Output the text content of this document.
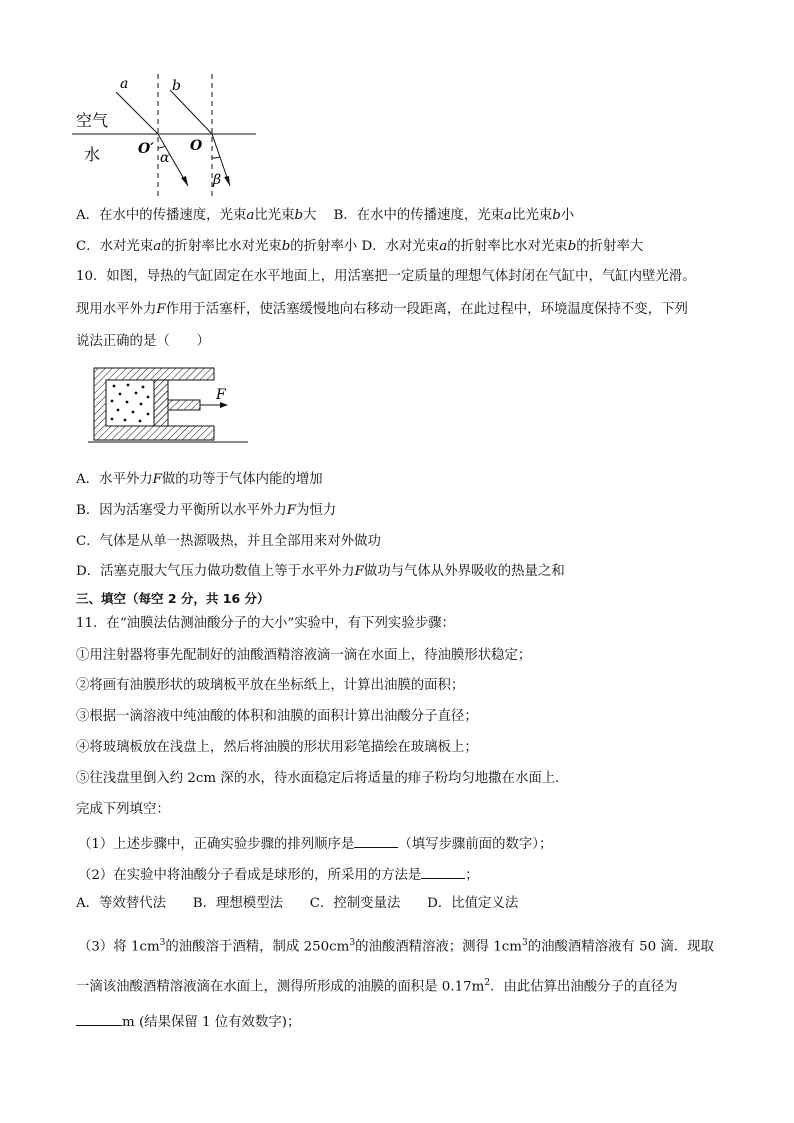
a	b
空气
水	O′	O
α
β
A．在水中的传播速度，光束a比光束b大 B．在水中的传播速度，光束a比光束b小
C．水对光束a的折射率比水对光束b的折射率小 D．水对光束a的折射率比水对光束b的折射率大
10．如图，导热的气缸固定在水平地面上，用活塞把一定质量的理想气体封闭在气缸中，气缸内壁光滑。
现用水平外力F作用于活塞杆，使活塞缓慢地向右移动一段距离，在此过程中，环境温度保持不变，下列
说法正确的是（　　）
F
A．水平外力F做的功等于气体内能的增加
B．因为活塞受力平衡所以水平外力F为恒力
C．气体是从单一热源吸热，并且全部用来对外做功
D．活塞克服大气压力做功数值上等于水平外力F做功与气体从外界吸收的热量之和
三、填空（每空 2 分，共 16 分）
11．在“油膜法估测油酸分子的大小”实验中，有下列实验步骤：
①用注射器将事先配制好的油酸酒精溶液滴一滴在水面上，待油膜形状稳定；
②将画有油膜形状的玻璃板平放在坐标纸上，计算出油膜的面积；
③根据一滴溶液中纯油酸的体积和油膜的面积计算出油酸分子直径；
④将玻璃板放在浅盘上，然后将油膜的形状用彩笔描绘在玻璃板上；
⑤往浅盘里倒入约 2cm 深的水，待水面稳定后将适量的痱子粉均匀地撒在水面上．
完成下列填空：
（1）上述步骤中，正确实验步骤的排列顺序是	（填写步骤前面的数字）；
（2）在实验中将油酸分子看成是球形的，所采用的方法是	；
A．等效替代法　　B．理想模型法　　C．控制变量法　　D．比值定义法
（3）将 $1cm^3$的油酸溶于酒精，制成 $250cm^3$的油酸酒精溶液；测得 $1cm^3$的油酸酒精溶液有 50 滴．现取
一滴该油酸酒精溶液滴在水面上，测得所形成的油膜的面积是 $0.17m^2$．由此估算出油酸分子的直径为
m (结果保留 1 位有效数字)；
